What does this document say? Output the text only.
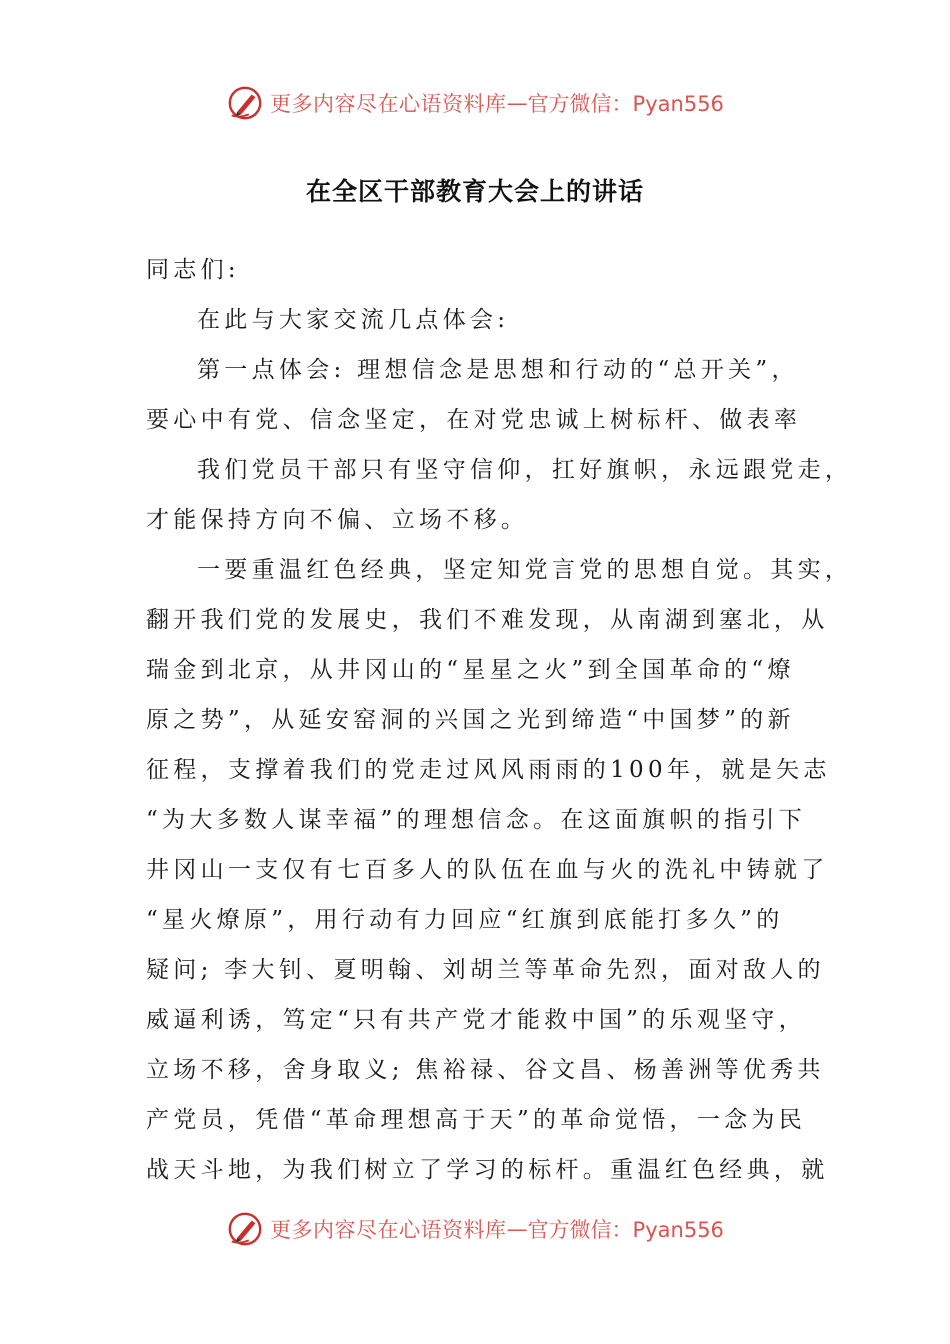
更多内容尽在心语资料库 — 官方微信：Pyan556
在全区干部教育大会上的讲话
同志们:
在此与大家交流几点体会:
第一点体会: 理想信念是思想和行动的“总开关”，
要心中有党、信念坚定，在对党忠诚上树标杆、做表率
我们党员干部只有坚守信仰，扛好旗帜，永远跟党走，
才能保持方向不偏、立场不移。
一要重温红色经典，坚定知党言党的思想自觉。其实，
翻开我们党的发展史，我们不难发现，从南湖到塞北，从
瑞金到北京，从井冈山的“星星之火”到全国革命的“燎
原之势”，从延安窑洞的兴国之光到缔造“中国梦”的新
征程，支撑着我们的党走过风风雨雨的100年，就是矢志
“为大多数人谋幸福”的理想信念。在这面旗帜的指引下
井冈山一支仅有七百多人的队伍在血与火的洗礼中铸就了
“星火燎原”，用行动有力回应“红旗到底能打多久”的
疑问; 李大钊、夏明翰、刘胡兰等革命先烈，面对敌人的
威逼利诱，笃定“只有共产党才能救中国”的乐观坚守，
立场不移，舍身取义; 焦裕禄、谷文昌、杨善洲等优秀共
产党员，凭借“革命理想高于天”的革命觉悟，一念为民
战天斗地，为我们树立了学习的标杆。重温红色经典，就
更多内容尽在心语资料库 — 官方微信：Pyan556
